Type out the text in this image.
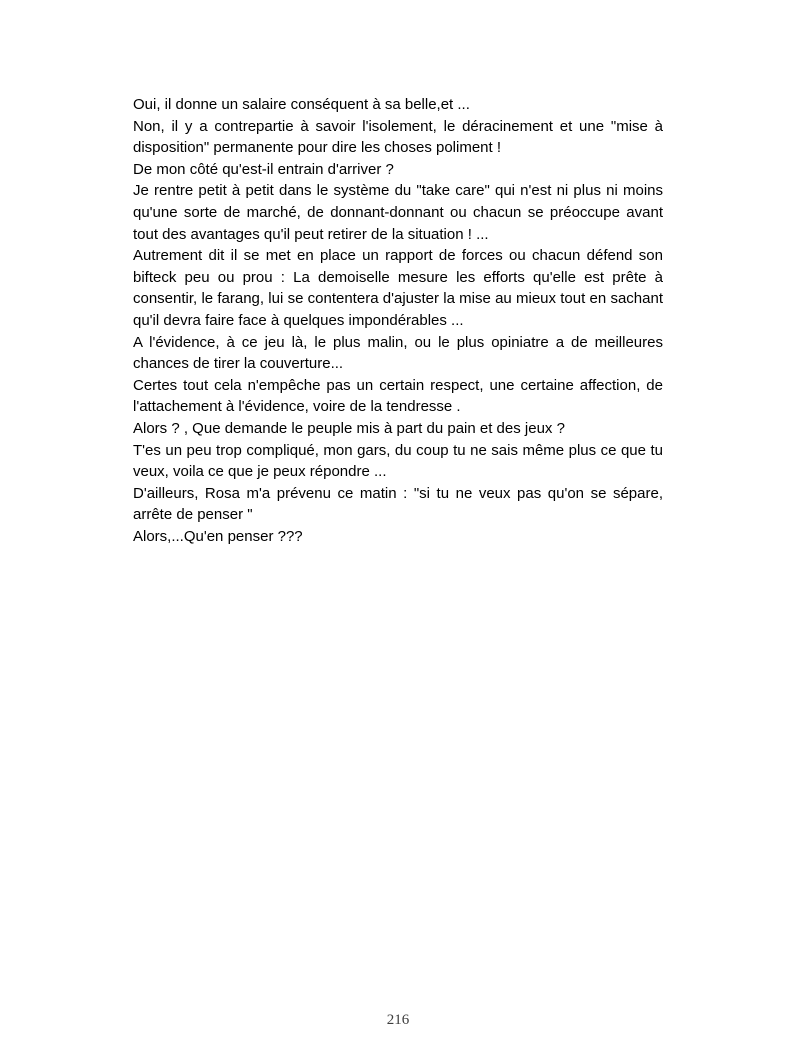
Oui, il donne un salaire conséquent à sa belle,et ...

Non, il y a contrepartie à savoir l'isolement, le déracinement et une "mise à disposition" permanente pour dire les choses poliment !

De mon côté qu'est-il entrain d'arriver ?

Je rentre petit à petit dans le système du "take care" qui n'est ni plus ni moins qu'une sorte de marché, de donnant-donnant ou chacun se préoccupe avant tout des avantages qu'il peut retirer de la situation ! ...

Autrement dit il se met en place un rapport de forces ou chacun défend son bifteck peu ou prou : La demoiselle mesure les efforts qu'elle est prête à consentir, le farang, lui se contentera d'ajuster la mise au mieux tout en sachant qu'il devra faire face à quelques impondérables ...

A l'évidence, à ce jeu là, le plus malin, ou le plus opiniatre a de meilleures chances de tirer la couverture...

Certes tout cela n'empêche pas un certain respect, une certaine affection, de l'attachement à l'évidence, voire de la tendresse .

Alors ? , Que demande le peuple mis à part du pain et des jeux ?

T'es un peu trop compliqué, mon gars, du coup tu ne sais même plus ce que tu veux, voila ce que je peux répondre ...

D'ailleurs, Rosa m'a prévenu ce matin : "si tu ne veux pas qu'on se sépare, arrête de penser "

Alors,...Qu'en penser ???

216
